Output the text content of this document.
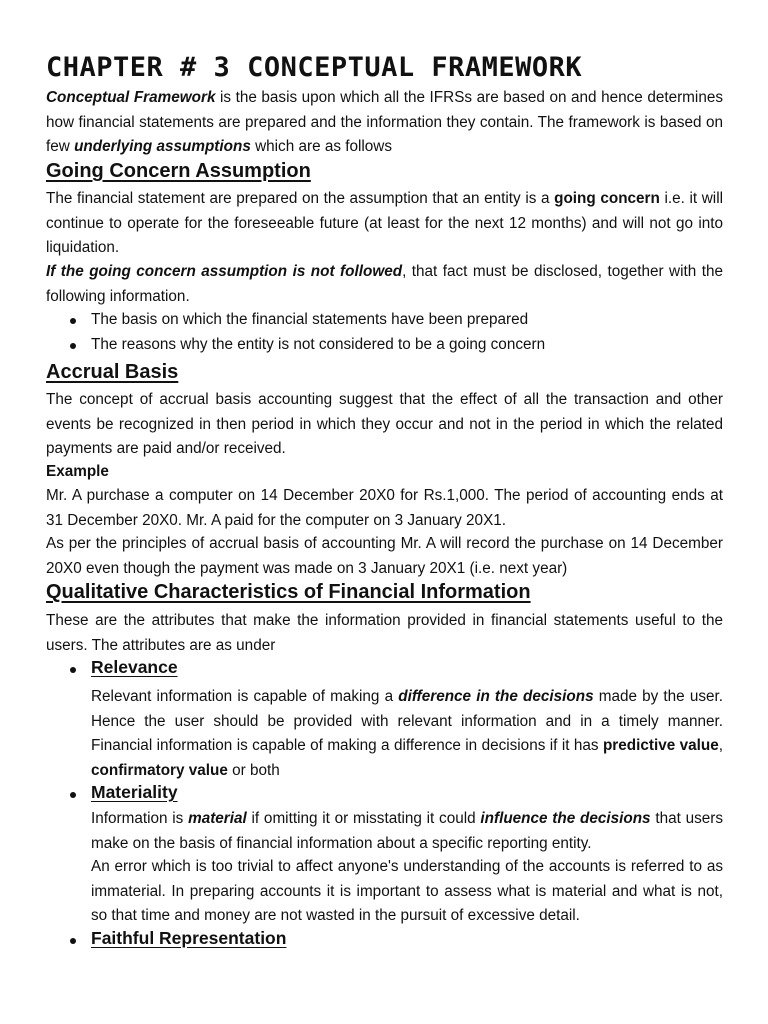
CHAPTER # 3 CONCEPTUAL FRAMEWORK
Conceptual Framework is the basis upon which all the IFRSs are based on and hence determines how financial statements are prepared and the information they contain. The framework is based on few underlying assumptions which are as follows
Going Concern Assumption
The financial statement are prepared on the assumption that an entity is a going concern i.e. it will continue to operate for the foreseeable future (at least for the next 12 months) and will not go into liquidation.
If the going concern assumption is not followed, that fact must be disclosed, together with the following information.
The basis on which the financial statements have been prepared
The reasons why the entity is not considered to be a going concern
Accrual Basis
The concept of accrual basis accounting suggest that the effect of all the transaction and other events be recognized in then period in which they occur and not in the period in which the related payments are paid and/or received.
Example
Mr. A purchase a computer on 14 December 20X0 for Rs.1,000. The period of accounting ends at 31 December 20X0. Mr. A paid for the computer on 3 January 20X1.
As per the principles of accrual basis of accounting Mr. A will record the purchase on 14 December 20X0 even though the payment was made on 3 January 20X1 (i.e. next year)
Qualitative Characteristics of Financial Information
These are the attributes that make the information provided in financial statements useful to the users. The attributes are as under
Relevance
Relevant information is capable of making a difference in the decisions made by the user. Hence the user should be provided with relevant information and in a timely manner. Financial information is capable of making a difference in decisions if it has predictive value, confirmatory value or both
Materiality
Information is material if omitting it or misstating it could influence the decisions that users make on the basis of financial information about a specific reporting entity.
An error which is too trivial to affect anyone's understanding of the accounts is referred to as immaterial. In preparing accounts it is important to assess what is material and what is not, so that time and money are not wasted in the pursuit of excessive detail.
Faithful Representation
